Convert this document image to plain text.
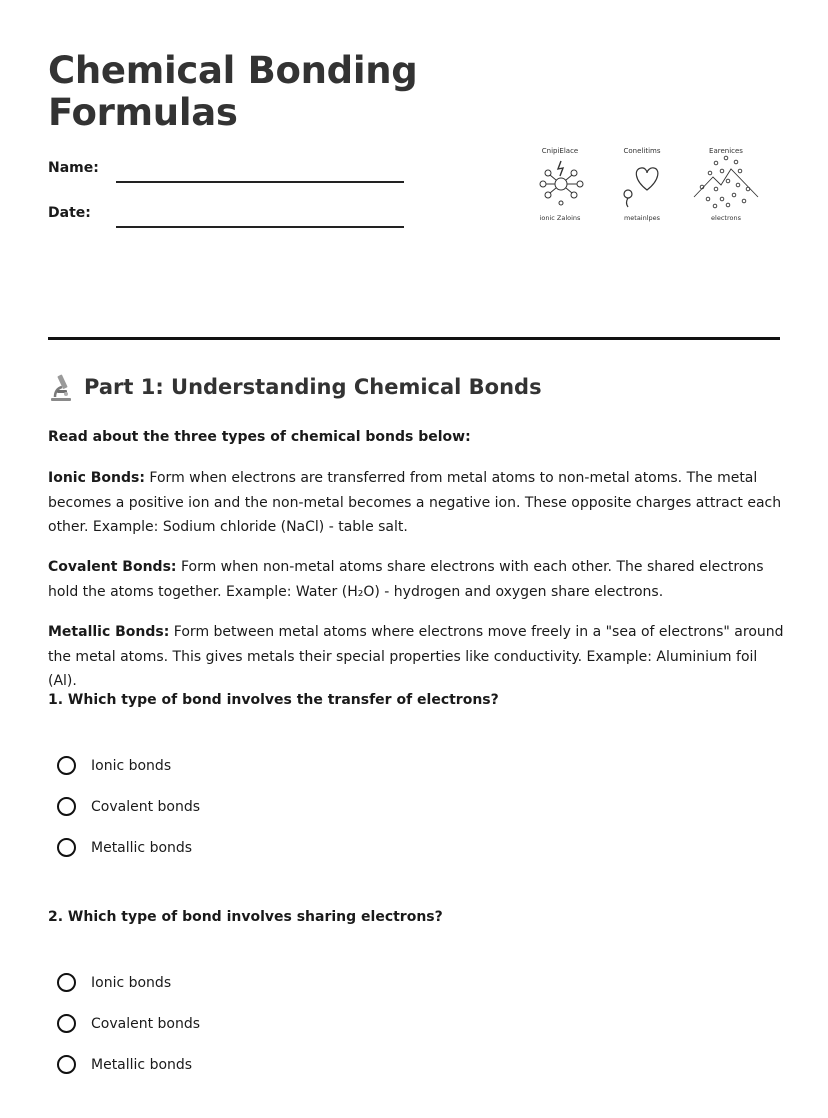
Chemical Bonding
Formulas
Name:
Date:
CnipiElace	Conelitims	Earenices
ionic Zaloins	metainlpes	electrons
Part 1: Understanding Chemical Bonds

Read about the three types of chemical bonds below:

Ionic Bonds: Form when electrons are transferred from metal atoms to non-metal atoms. The metal becomes a positive ion and the non-metal becomes a negative ion. These opposite charges attract each other. Example: Sodium chloride (NaCl) - table salt.

Covalent Bonds: Form when non-metal atoms share electrons with each other. The shared electrons hold the atoms together. Example: Water (H₂O) - hydrogen and oxygen share electrons.

Metallic Bonds: Form between metal atoms where electrons move freely in a "sea of electrons" around the metal atoms. This gives metals their special properties like conductivity. Example: Aluminium foil (Al).

1. Which type of bond involves the transfer of electrons?

Ionic bonds
Covalent bonds
Metallic bonds

2. Which type of bond involves sharing electrons?

Ionic bonds
Covalent bonds
Metallic bonds
